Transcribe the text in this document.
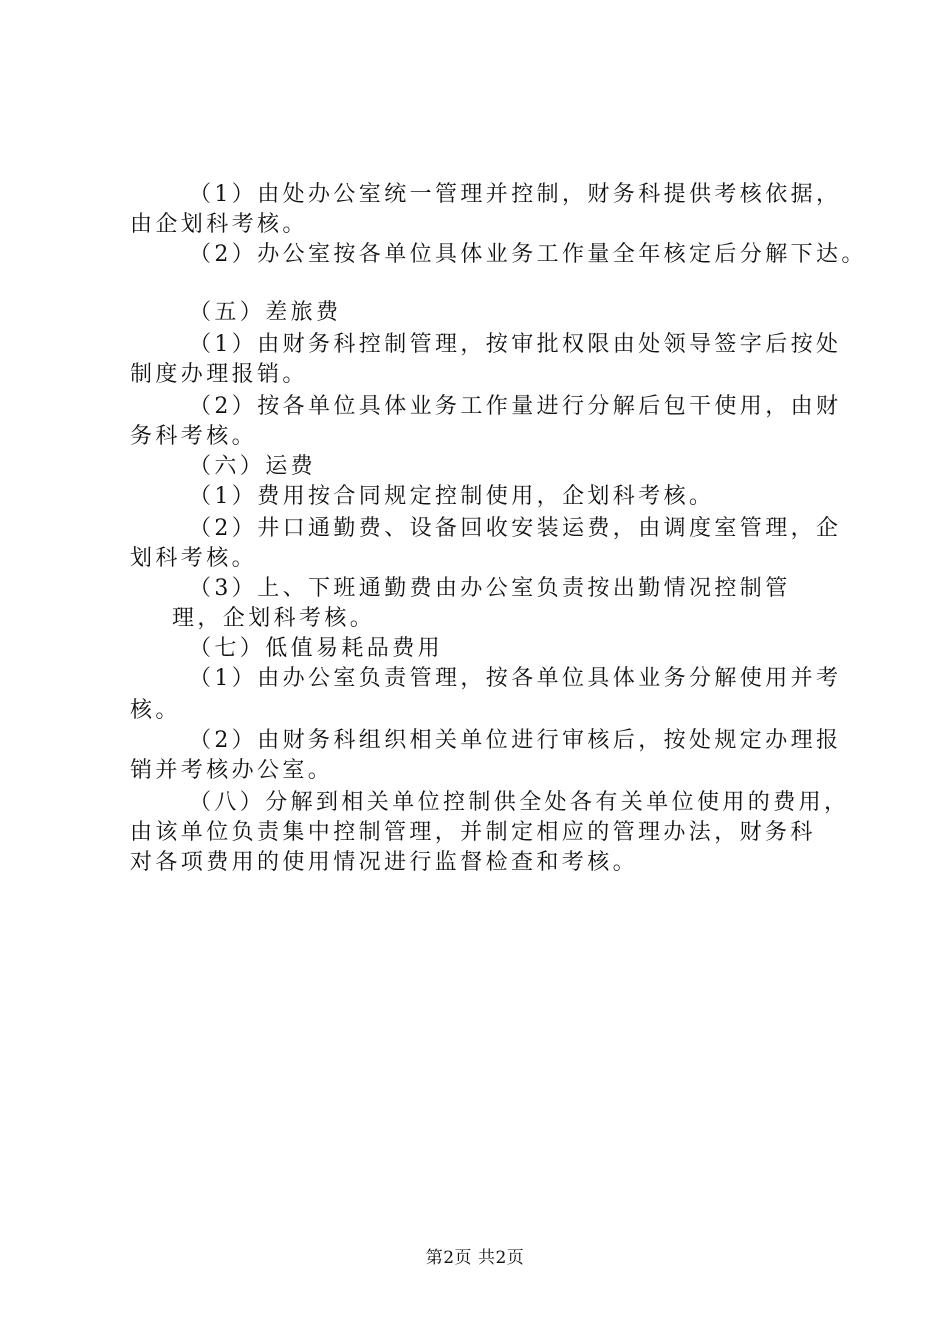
（1）由处办公室统一管理并控制，财务科提供考核依据，
由企划科考核。
（2）办公室按各单位具体业务工作量全年核定后分解下达。
（五）差旅费
（1）由财务科控制管理，按审批权限由处领导签字后按处
制度办理报销。
（2）按各单位具体业务工作量进行分解后包干使用，由财
务科考核。
（六）运费
（1）费用按合同规定控制使用，企划科考核。
（2）井口通勤费、设备回收安装运费，由调度室管理，企
划科考核。
（3）上、下班通勤费由办公室负责按出勤情况控制管
理，企划科考核。
（七）低值易耗品费用
（1）由办公室负责管理，按各单位具体业务分解使用并考
核。
（2）由财务科组织相关单位进行审核后，按处规定办理报
销并考核办公室。
（八）分解到相关单位控制供全处各有关单位使用的费用，
由该单位负责集中控制管理，并制定相应的管理办法，财务科
对各项费用的使用情况进行监督检查和考核。
第2页 共2页
